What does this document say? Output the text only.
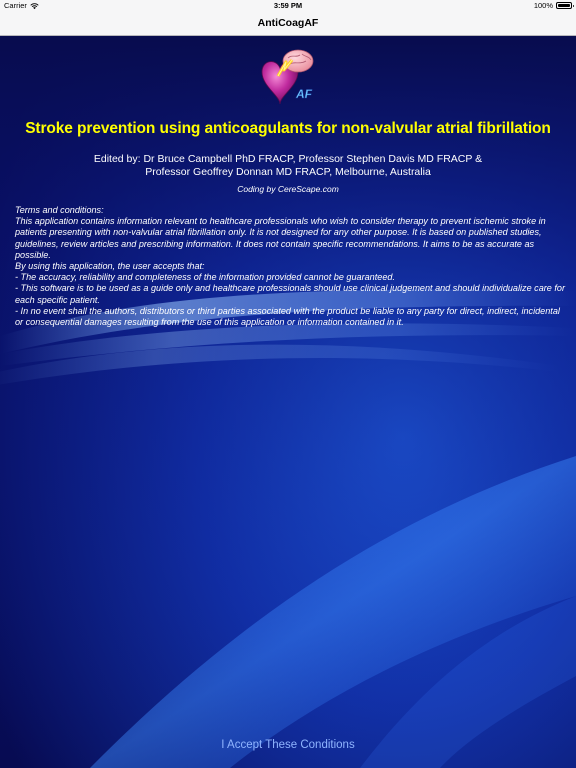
Carrier	3:59 PM	100%
AntiCoagAF
AF
Stroke prevention using anticoagulants for non-valvular atrial fibrillation
Edited by: Dr Bruce Campbell PhD FRACP, Professor Stephen Davis MD FRACP &
Professor Geoffrey Donnan MD FRACP, Melbourne, Australia
Coding by CereScape.com
Terms and conditions:
This application contains information relevant to healthcare professionals who wish to consider therapy to prevent ischemic stroke in patients presenting with non-valvular atrial fibrillation only. It is not designed for any other purpose. It is based on published studies, guidelines, review articles and prescribing information. It does not contain specific recommendations. It aims to be as accurate as possible.
By using this application, the user accepts that:
- The accuracy, reliability and completeness of the information provided cannot be guaranteed.
- This software is to be used as a guide only and healthcare professionals should use clinical judgement and should individualize care for each specific patient.
- In no event shall the authors, distributors or third parties associated with the product be liable to any party for direct, indirect, incidental or consequential damages resulting from the use of this application or information contained in it.
I Accept These Conditions
